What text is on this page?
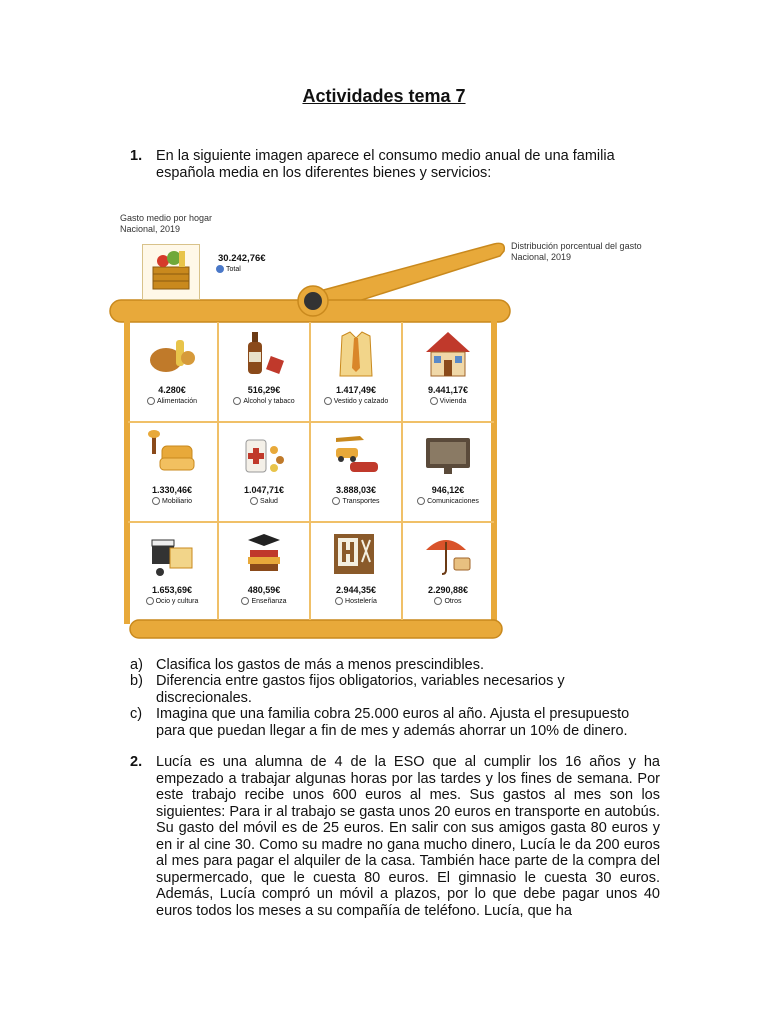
Actividades tema 7
1. En la siguiente imagen aparece el consumo medio anual de una familia española media en los diferentes bienes y servicios:
Gasto medio por hogar
Nacional, 2019
Distribución porcentual del gasto
Nacional, 2019
30.242,76€
Total
4.280€
Alimentación
516,29€
Alcohol y tabaco
1.417,49€
Vestido y calzado
9.441,17€
Vivienda
1.330,46€
Mobiliario
1.047,71€
Salud
3.888,03€
Transportes
946,12€
Comunicaciones
1.653,69€
Ocio y cultura
480,59€
Enseñanza
2.944,35€
Hostelería
2.290,88€
Otros
a) Clasifica los gastos de más a menos prescindibles.
b) Diferencia entre gastos fijos obligatorios, variables necesarios y discrecionales.
c) Imagina que una familia cobra 25.000 euros al año. Ajusta el presupuesto para que puedan llegar a fin de mes y además ahorrar un 10% de dinero.
2. Lucía es una alumna de 4 de la ESO que al cumplir los 16 años y ha empezado a trabajar algunas horas por las tardes y los fines de semana. Por este trabajo recibe unos 600 euros al mes. Sus gastos al mes son los siguientes: Para ir al trabajo se gasta unos 20 euros en transporte en autobús. Su gasto del móvil es de 25 euros. En salir con sus amigos gasta 80 euros y en ir al cine 30. Como su madre no gana mucho dinero, Lucía le da 200 euros al mes para pagar el alquiler de la casa. También hace parte de la compra del supermercado, que le cuesta 80 euros. El gimnasio le cuesta 30 euros. Además, Lucía compró un móvil a plazos, por lo que debe pagar unos 40 euros todos los meses a su compañía de teléfono. Lucía, que ha
